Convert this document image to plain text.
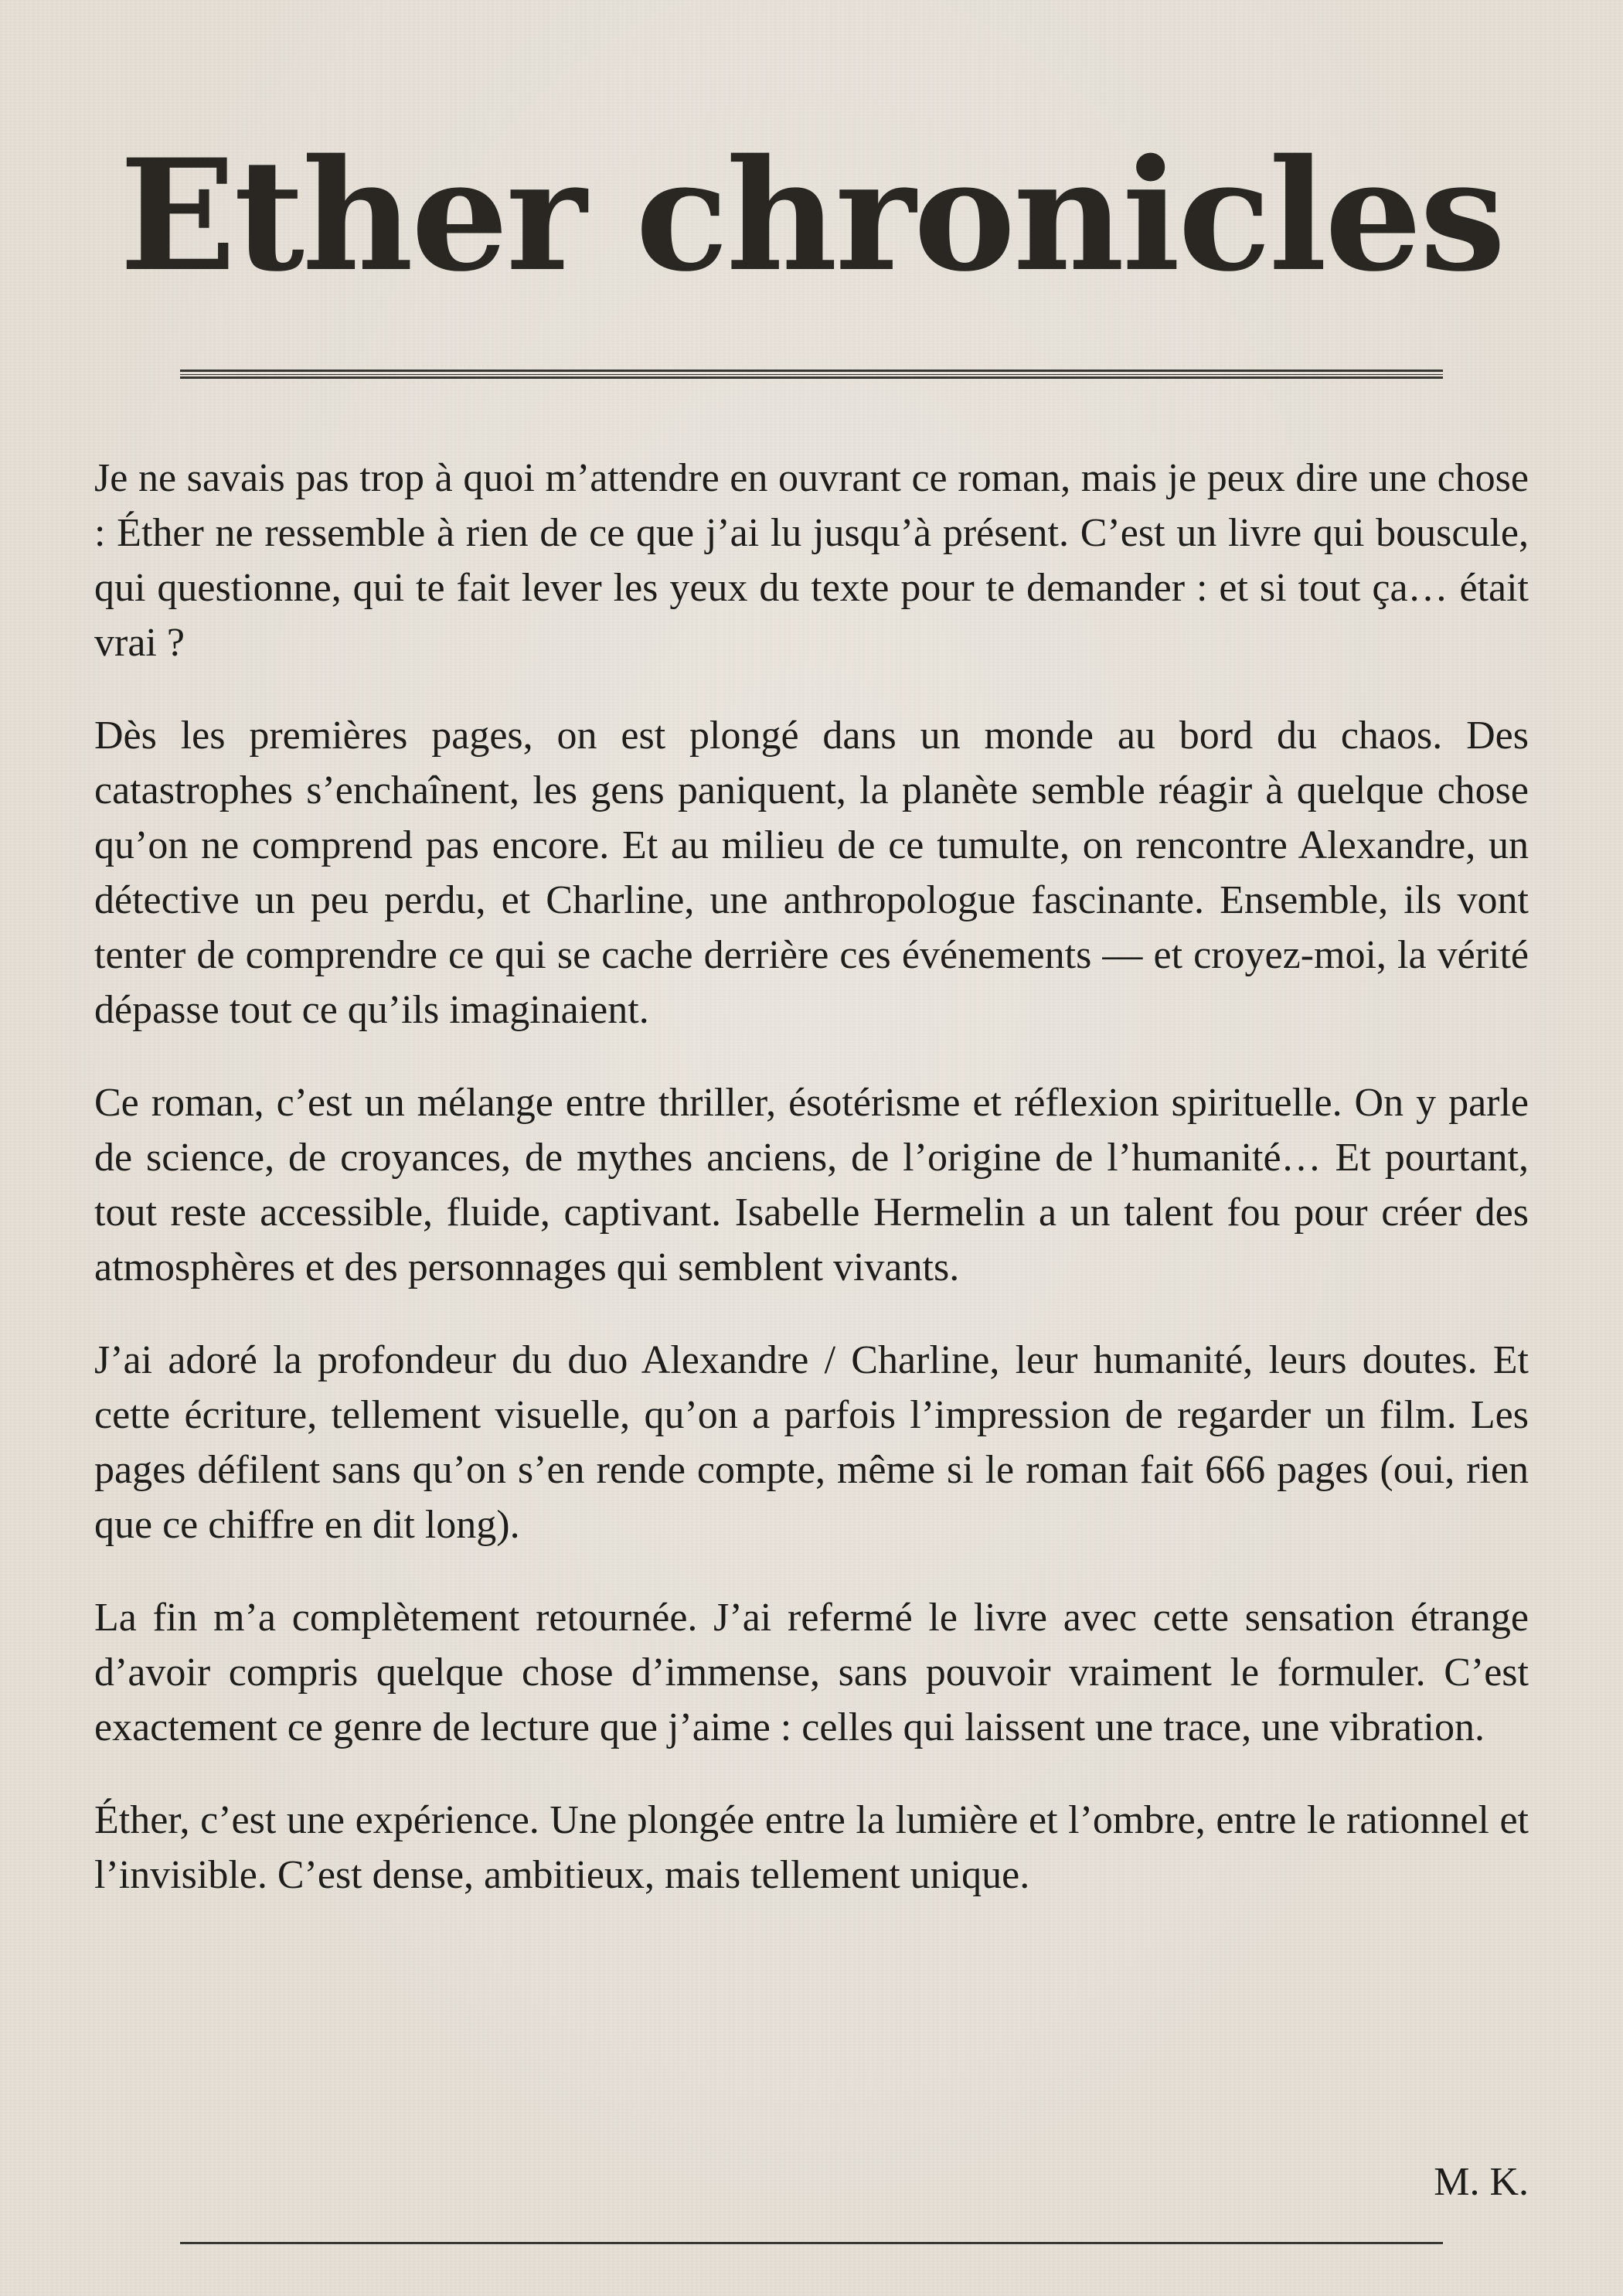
Ether chronicles

Je ne savais pas trop à quoi m’attendre en ouvrant ce roman, mais je peux dire une chose : Éther ne ressemble à rien de ce que j’ai lu jusqu’à présent. C’est un livre qui bouscule, qui questionne, qui te fait lever les yeux du texte pour te demander : et si tout ça… était vrai ?

Dès les premières pages, on est plongé dans un monde au bord du chaos. Des catastrophes s’enchaînent, les gens paniquent, la planète semble réagir à quelque chose qu’on ne comprend pas encore. Et au milieu de ce tumulte, on rencontre Alexandre, un détective un peu perdu, et Charline, une anthropologue fascinante. Ensemble, ils vont tenter de comprendre ce qui se cache derrière ces événements — et croyez-moi, la vérité dépasse tout ce qu’ils imaginaient.

Ce roman, c’est un mélange entre thriller, ésotérisme et réflexion spirituelle. On y parle de science, de croyances, de mythes anciens, de l’origine de l’humanité… Et pourtant, tout reste accessible, fluide, captivant. Isabelle Hermelin a un talent fou pour créer des atmosphères et des personnages qui semblent vivants.

J’ai adoré la profondeur du duo Alexandre / Charline, leur humanité, leurs doutes. Et cette écriture, tellement visuelle, qu’on a parfois l’impression de regarder un film. Les pages défilent sans qu’on s’en rende compte, même si le roman fait 666 pages (oui, rien que ce chiffre en dit long).

La fin m’a complètement retournée. J’ai refermé le livre avec cette sensation étrange d’avoir compris quelque chose d’immense, sans pouvoir vraiment le formuler. C’est exactement ce genre de lecture que j’aime : celles qui laissent une trace, une vibration.

Éther, c’est une expérience. Une plongée entre la lumière et l’ombre, entre le rationnel et l’invisible. C’est dense, ambitieux, mais tellement unique.

M. K.
